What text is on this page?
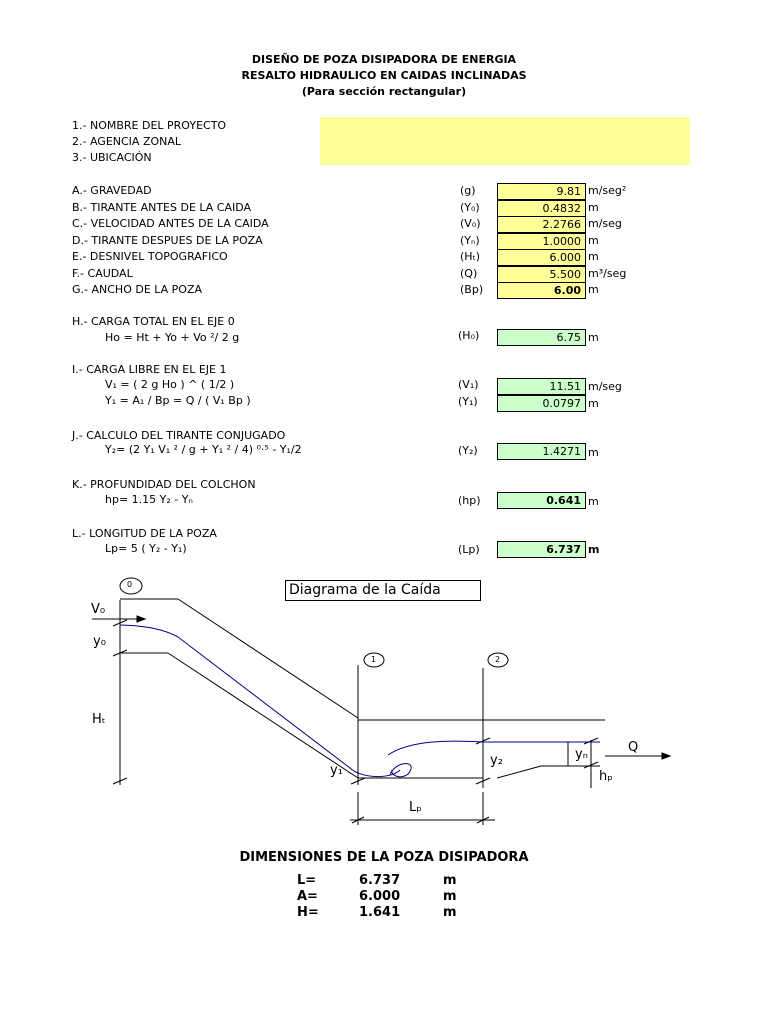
DISEÑO DE POZA DISIPADORA DE ENERGIA
RESALTO HIDRAULICO EN CAIDAS INCLINADAS
(Para sección rectangular)
1.- NOMBRE DEL PROYECTO
2.- AGENCIA ZONAL
3.- UBICACIÓN
A.- GRAVEDAD	(g)	9.81 m/seg²
B.- TIRANTE ANTES DE LA CAIDA	(Y₀)	0.4832 m
C.- VELOCIDAD ANTES DE LA CAIDA	(V₀)	2.2766 m/seg
D.- TIRANTE DESPUES DE LA POZA	(Yₙ)	1.0000 m
E.- DESNIVEL TOPOGRAFICO	(Hₜ)	6.000 m
F.- CAUDAL	(Q)	5.500 m³/seg
G.- ANCHO DE LA POZA	(Bp)	6.00 m
H.- CARGA TOTAL EN EL EJE 0
Ho = Ht + Yo + Vo ²/ 2 g	(H₀)	6.75 m
I.- CARGA LIBRE EN EL EJE 1
V₁ = ( 2 g Ho ) ^ ( 1/2 )	(V₁)	11.51 m/seg
Y₁ = A₁ / Bp = Q / ( V₁ Bp )	(Y₁)	0.0797 m
J.- CALCULO DEL TIRANTE CONJUGADO
Y₂= (2 Y₁ V₁ ² / g + Y₁ ² / 4) ⁰·⁵ - Y₁/2	(Y₂)	1.4271 m
K.- PROFUNDIDAD DEL COLCHON
hp= 1.15 Y₂ - Yₙ	(hp)	0.641 m
L.- LONGITUD DE LA POZA
Lp= 5 ( Y₂ - Y₁)	(Lp)	6.737 m
Diagrama de la Caída
0
1	2
V₀
y₀
Hₜ
y₁
y₂	yₙ
hₚ
Q
Lₚ
DIMENSIONES DE LA POZA DISIPADORA
L=	6.737	m
A=	6.000	m
H=	1.641	m
